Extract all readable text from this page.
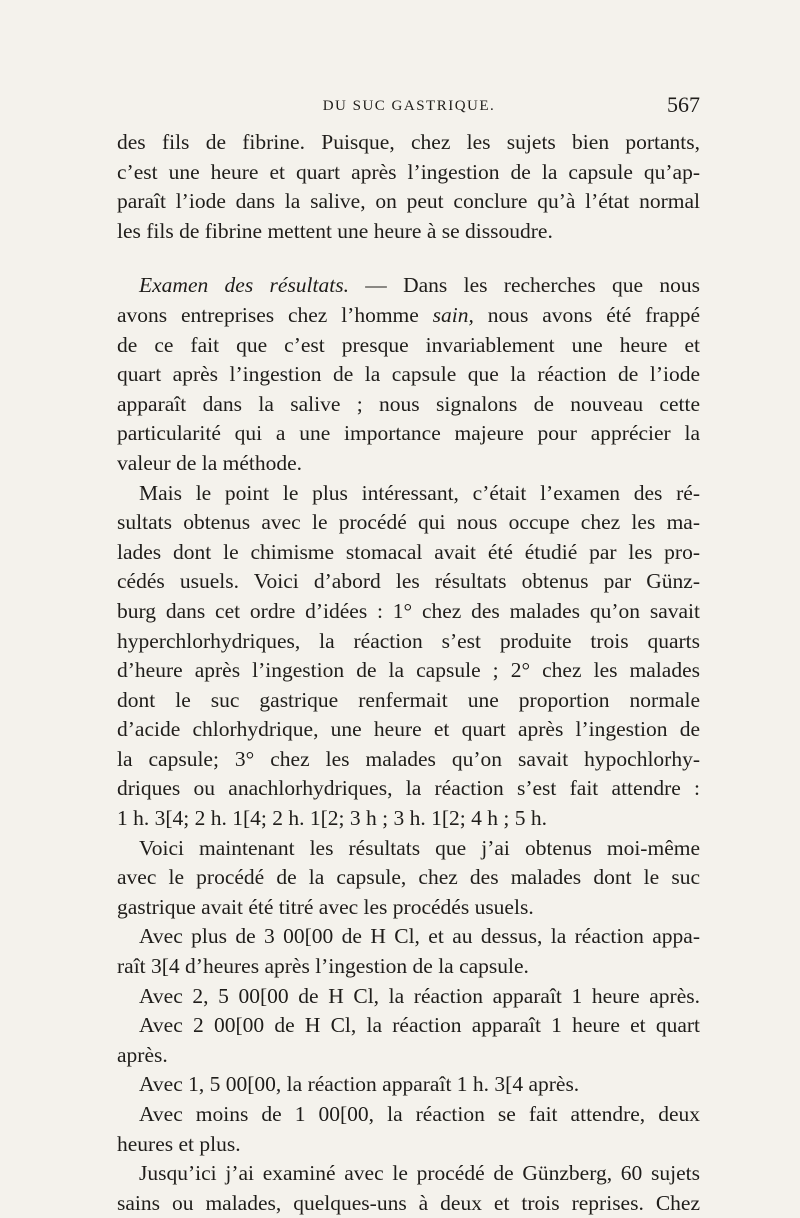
DU SUC GASTRIQUE.	567
des fils de fibrine. Puisque, chez les sujets bien portants,
c’est une heure et quart après l’ingestion de la capsule qu’ap-
paraît l’iode dans la salive, on peut conclure qu’à l’état normal
les fils de fibrine mettent une heure à se dissoudre.
Examen des résultats. — Dans les recherches que nous
avons entreprises chez l’homme sain, nous avons été frappé
de ce fait que c’est presque invariablement une heure et
quart après l’ingestion de la capsule que la réaction de l’iode
apparaît dans la salive ; nous signalons de nouveau cette
particularité qui a une importance majeure pour apprécier la
valeur de la méthode.
Mais le point le plus intéressant, c’était l’examen des ré-
sultats obtenus avec le procédé qui nous occupe chez les ma-
lades dont le chimisme stomacal avait été étudié par les pro-
cédés usuels. Voici d’abord les résultats obtenus par Günz-
burg dans cet ordre d’idées : 1° chez des malades qu’on savait
hyperchlorhydriques, la réaction s’est produite trois quarts
d’heure après l’ingestion de la capsule ; 2° chez les malades
dont le suc gastrique renfermait une proportion normale
d’acide chlorhydrique, une heure et quart après l’ingestion de
la capsule; 3° chez les malades qu’on savait hypochlorhy-
driques ou anachlorhydriques, la réaction s’est fait attendre :
1 h. 3[4; 2 h. 1[4; 2 h. 1[2; 3 h ; 3 h. 1[2; 4 h ; 5 h.
Voici maintenant les résultats que j’ai obtenus moi-même
avec le procédé de la capsule, chez des malades dont le suc
gastrique avait été titré avec les procédés usuels.
Avec plus de 3 00[00 de H Cl, et au dessus, la réaction appa-
raît 3[4 d’heures après l’ingestion de la capsule.
Avec 2, 5 00[00 de H Cl, la réaction apparaît 1 heure après.
Avec 2 00[00 de H Cl, la réaction apparaît 1 heure et quart
après.
Avec 1, 5 00[00, la réaction apparaît 1 h. 3[4 après.
Avec moins de 1 00[00, la réaction se fait attendre, deux
heures et plus.
Jusqu’ici j’ai examiné avec le procédé de Günzberg, 60 sujets
sains ou malades, quelques-uns à deux et trois reprises. Chez
